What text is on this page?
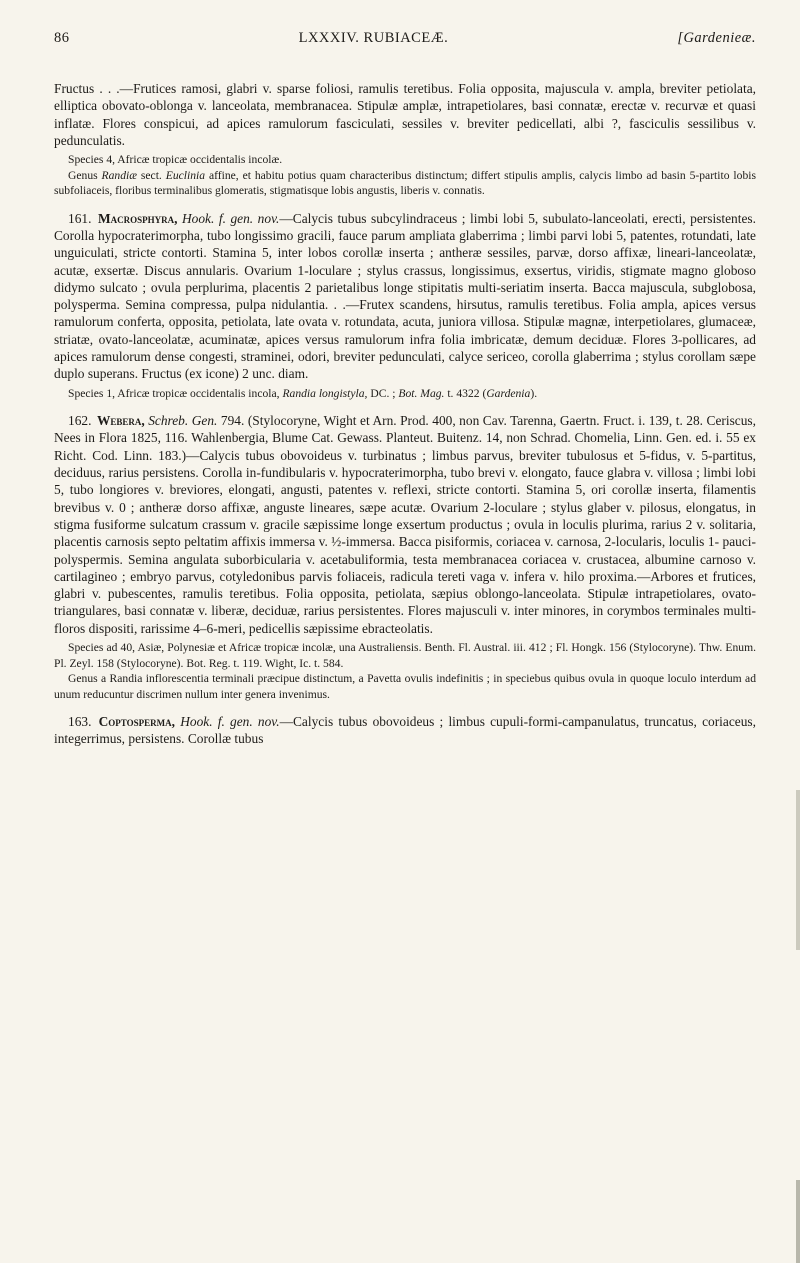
86	LXXXIV. RUBIACEÆ.	[Gardenieæ.

Fructus . . .—Frutices ramosi, glabri v. sparse foliosi, ramulis teretibus. Folia opposita, majuscula v. ampla, breviter petiolata, elliptica obovato-oblonga v. lanceolata, membranacea. Stipulæ amplæ, intrapetiolares, basi connatæ, erectæ v. recurvæ et quasi inflatæ. Flores conspicui, ad apices ramulorum fasciculati, sessiles v. breviter pedicellati, albi ?, fasciculis sessilibus v. pedunculatis.

Species 4, Africæ tropicæ occidentalis incolæ.

Genus Randiæ sect. Euclinia affine, et habitu potius quam characteribus distinctum; differt stipulis amplis, calycis limbo ad basin 5-partito lobis subfoliaceis, floribus terminalibus glomeratis, stigmatisque lobis angustis, liberis v. connatis.

161. Macrosphyra, Hook. f. gen. nov.—Calycis tubus subcylindraceus ; limbi lobi 5, subulato-lanceolati, erecti, persistentes. Corolla hypocraterimorpha, tubo longissimo gracili, fauce parum ampliata glaberrima ; limbi parvi lobi 5, patentes, rotundati, late unguiculati, stricte contorti. Stamina 5, inter lobos corollæ inserta ; antheræ sessiles, parvæ, dorso affixæ, lineari-lanceolatæ, acutæ, exsertæ. Discus annularis. Ovarium 1-loculare ; stylus crassus, longissimus, exsertus, viridis, stigmate magno globoso didymo sulcato ; ovula perplurima, placentis 2 parietalibus longe stipitatis multi-seriatim inserta. Bacca majuscula, subglobosa, polysperma. Semina compressa, pulpa nidulantia. . .—Frutex scandens, hirsutus, ramulis teretibus. Folia ampla, apices versus ramulorum conferta, opposita, petiolata, late ovata v. rotundata, acuta, juniora villosa. Stipulæ magnæ, interpetiolares, glumaceæ, striatæ, ovato-lanceolatæ, acuminatæ, apices versus ramulorum infra folia imbricatæ, demum deciduæ. Flores 3-pollicares, ad apices ramulorum dense congesti, straminei, odori, breviter pedunculati, calyce sericeo, corolla glaberrima ; stylus corollam sæpe duplo superans. Fructus (ex icone) 2 unc. diam.

Species 1, Africæ tropicæ occidentalis incola, Randia longistyla, DC. ; Bot. Mag. t. 4322 (Gardenia).

162. Webera, Schreb. Gen. 794. (Stylocoryne, Wight et Arn. Prod. 400, non Cav. Tarenna, Gaertn. Fruct. i. 139, t. 28. Ceriscus, Nees in Flora 1825, 116. Wahlenbergia, Blume Cat. Gewass. Planteut. Buitenz. 14, non Schrad. Chomelia, Linn. Gen. ed. i. 55 ex Richt. Cod. Linn. 183.)—Calycis tubus obovoideus v. turbinatus ; limbus parvus, breviter tubulosus et 5-fidus, v. 5-partitus, deciduus, rarius persistens. Corolla in-fundibularis v. hypocraterimorpha, tubo brevi v. elongato, fauce glabra v. villosa ; limbi lobi 5, tubo longiores v. breviores, elongati, angusti, patentes v. reflexi, stricte contorti. Stamina 5, ori corollæ inserta, filamentis brevibus v. 0 ; antheræ dorso affixæ, anguste lineares, sæpe acutæ. Ovarium 2-loculare ; stylus glaber v. pilosus, elongatus, in stigma fusiforme sulcatum crassum v. gracile sæpissime longe exsertum productus ; ovula in loculis plurima, rarius 2 v. solitaria, placentis carnosis septo peltatim affixis immersa v. ½-immersa. Bacca pisiformis, coriacea v. carnosa, 2-locularis, loculis 1- pauci-polyspermis. Semina angulata suborbicularia v. acetabuliformia, testa membranacea coriacea v. crustacea, albumine carnoso v. cartilagineo ; embryo parvus, cotyledonibus parvis foliaceis, radicula tereti vaga v. infera v. hilo proxima.—Arbores et frutices, glabri v. pubescentes, ramulis teretibus. Folia opposita, petiolata, sæpius oblongo-lanceolata. Stipulæ intrapetiolares, ovato-triangulares, basi connatæ v. liberæ, deciduæ, rarius persistentes. Flores majusculi v. inter minores, in corymbos terminales multi-floros dispositi, rarissime 4–6-meri, pedicellis sæpissime ebracteolatis.

Species ad 40, Asiæ, Polynesiæ et Africæ tropicæ incolæ, una Australiensis. Benth. Fl. Austral. iii. 412 ; Fl. Hongk. 156 (Stylocoryne). Thw. Enum. Pl. Zeyl. 158 (Stylocoryne). Bot. Reg. t. 119. Wight, Ic. t. 584.

Genus a Randia inflorescentia terminali præcipue distinctum, a Pavetta ovulis indefinitis ; in speciebus quibus ovula in quoque loculo interdum ad unum reducuntur discrimen nullum inter genera invenimus.

163. Coptosperma, Hook. f. gen. nov.—Calycis tubus obovoideus ; limbus cupuli-formi-campanulatus, truncatus, coriaceus, integerrimus, persistens. Corollæ tubus
